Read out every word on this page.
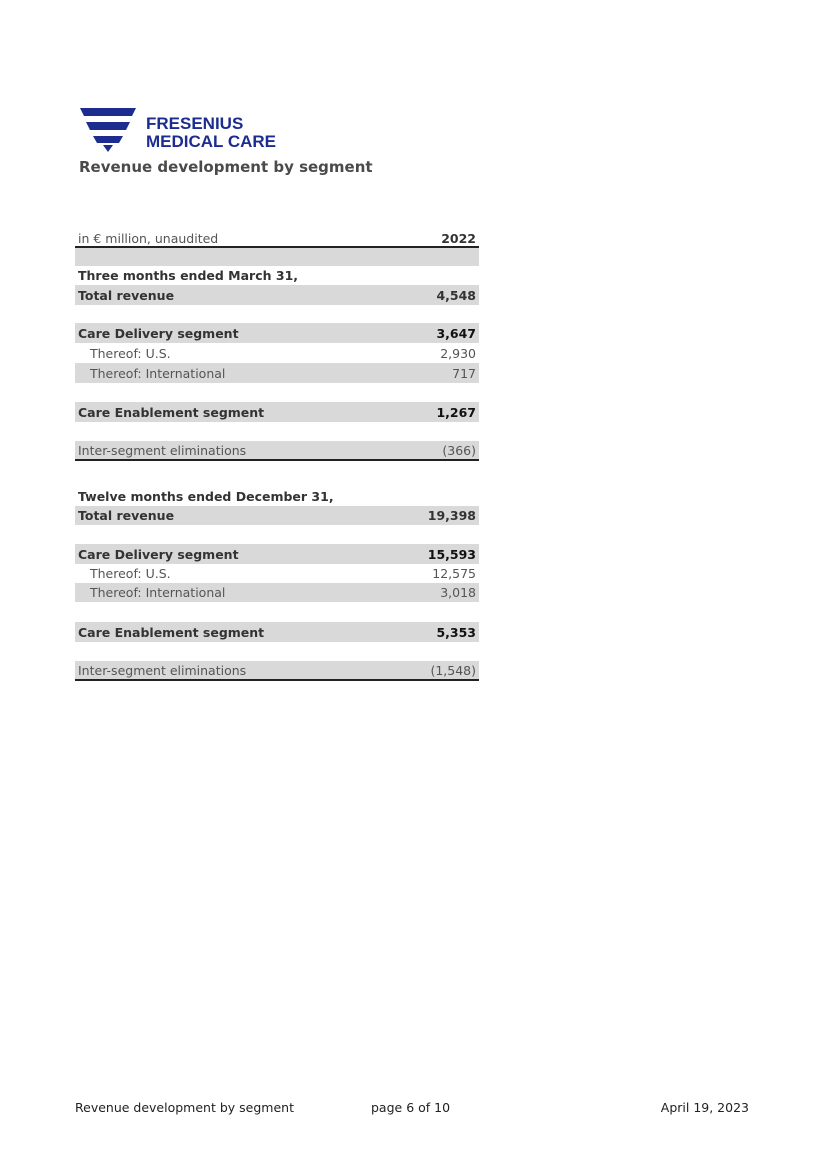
FRESENIUS
MEDICAL CARE
Revenue development by segment
in € million, unaudited	2022
Three months ended March 31,
Total revenue	4,548
Care Delivery segment	3,647
Thereof: U.S.	2,930
Thereof: International	717
Care Enablement segment	1,267
Inter-segment eliminations	(366)
Twelve months ended December 31,
Total revenue	19,398
Care Delivery segment	15,593
Thereof: U.S.	12,575
Thereof: International	3,018
Care Enablement segment	5,353
Inter-segment eliminations	(1,548)
Revenue development by segment	page 6 of 10	April 19, 2023
